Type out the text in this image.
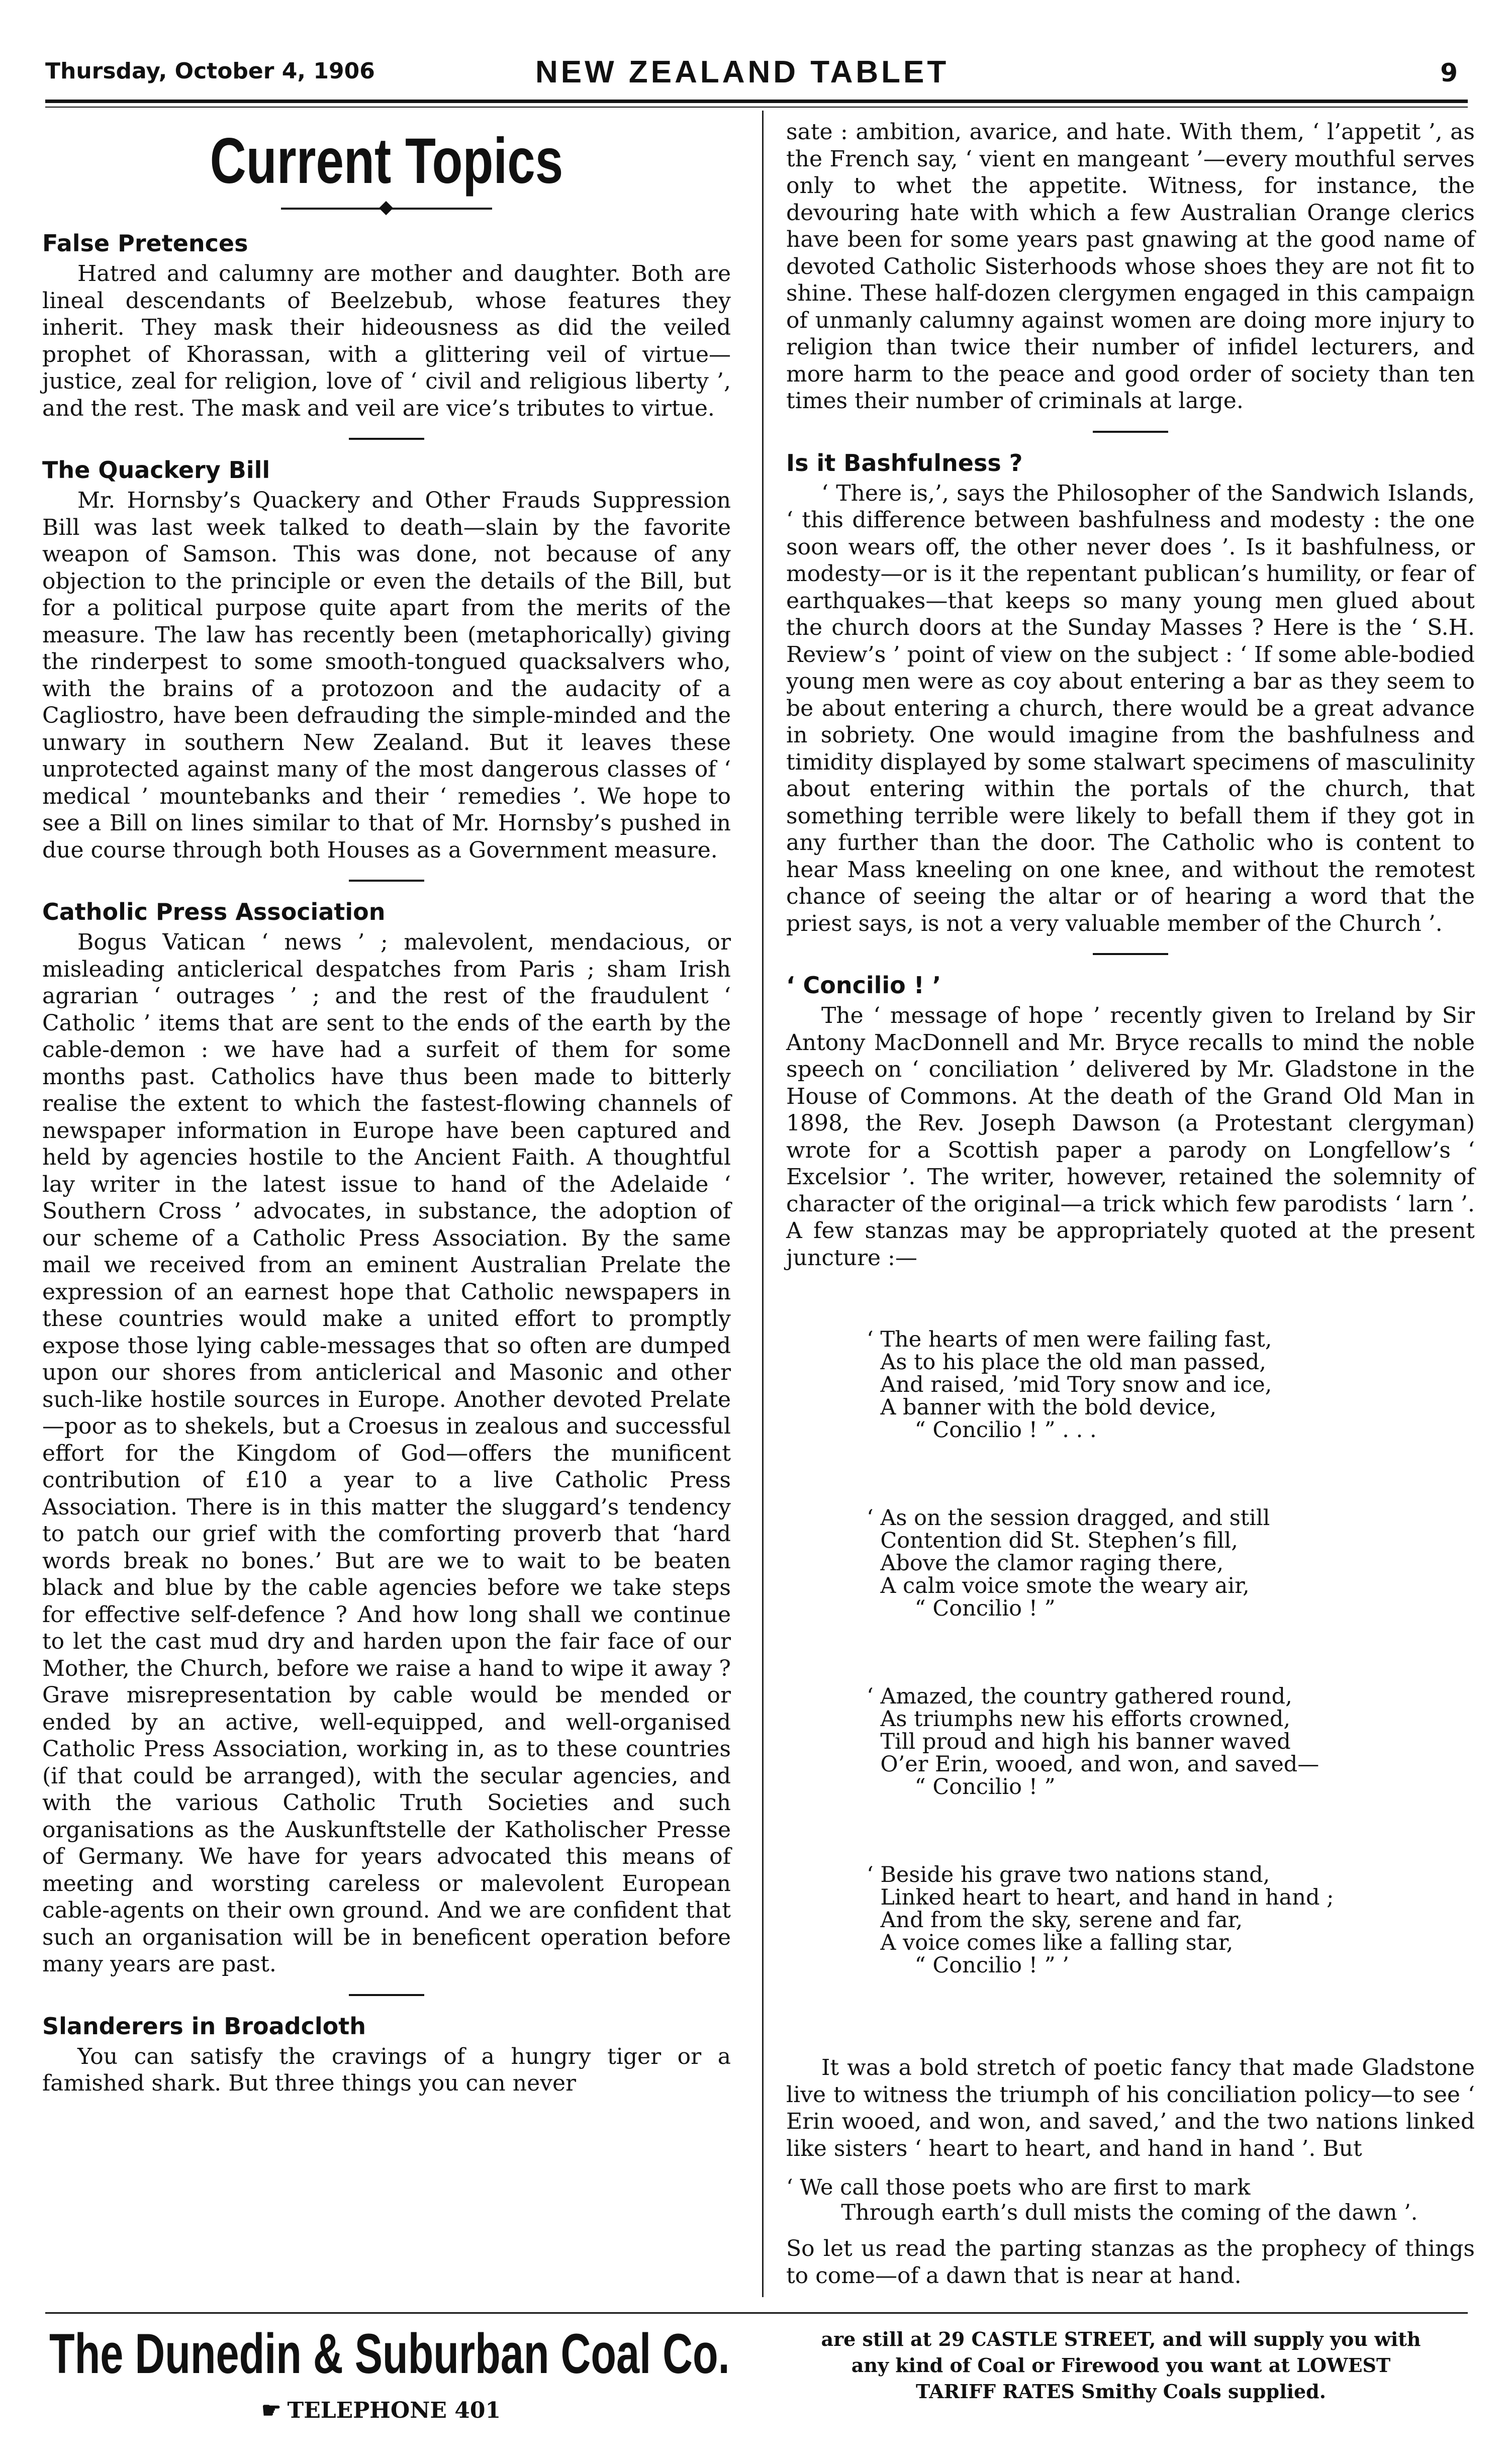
Thursday, October 4, 1906	NEW ZEALAND TABLET	9
Current Topics
False Pretences

Hatred and calumny are mother and daughter. Both are lineal descendants of Beelzebub, whose features they inherit. They mask their hideousness as did the veiled prophet of Khorassan, with a glittering veil of virtue—justice, zeal for religion, love of ‘ civil and religious liberty ’, and the rest. The mask and veil are vice’s tributes to virtue.

The Quackery Bill

Mr. Hornsby’s Quackery and Other Frauds Suppression Bill was last week talked to death—slain by the favorite weapon of Samson. This was done, not because of any objection to the principle or even the details of the Bill, but for a political purpose quite apart from the merits of the measure. The law has recently been (metaphorically) giving the rinderpest to some smooth-tongued quacksalvers who, with the brains of a protozoon and the audacity of a Cagliostro, have been defrauding the simple-minded and the unwary in southern New Zealand. But it leaves these unprotected against many of the most dangerous classes of ‘ medical ’ mountebanks and their ‘ remedies ’. We hope to see a Bill on lines similar to that of Mr. Hornsby’s pushed in due course through both Houses as a Government measure.

Catholic Press Association

Bogus Vatican ‘ news ’ ; malevolent, mendacious, or misleading anticlerical despatches from Paris ; sham Irish agrarian ‘ outrages ’ ; and the rest of the fraudulent ‘ Catholic ’ items that are sent to the ends of the earth by the cable-demon : we have had a surfeit of them for some months past. Catholics have thus been made to bitterly realise the extent to which the fastest-flowing channels of newspaper information in Europe have been captured and held by agencies hostile to the Ancient Faith. A thoughtful lay writer in the latest issue to hand of the Adelaide ‘ Southern Cross ’ advocates, in substance, the adoption of our scheme of a Catholic Press Association. By the same mail we received from an eminent Australian Prelate the expression of an earnest hope that Catholic newspapers in these countries would make a united effort to promptly expose those lying cable-messages that so often are dumped upon our shores from anticlerical and Masonic and other such-like hostile sources in Europe. Another devoted Prelate—poor as to shekels, but a Croesus in zealous and successful effort for the Kingdom of God—offers the munificent contribution of £10 a year to a live Catholic Press Association. There is in this matter the sluggard’s tendency to patch our grief with the comforting proverb that ‘hard words break no bones.’ But are we to wait to be beaten black and blue by the cable agencies before we take steps for effective self-defence ? And how long shall we continue to let the cast mud dry and harden upon the fair face of our Mother, the Church, before we raise a hand to wipe it away ? Grave misrepresentation by cable would be mended or ended by an active, well-equipped, and well-organised Catholic Press Association, working in, as to these countries (if that could be arranged), with the secular agencies, and with the various Catholic Truth Societies and such organisations as the Auskunftstelle der Katholischer Presse of Germany. We have for years advocated this means of meeting and worsting careless or malevolent European cable-agents on their own ground. And we are confident that such an organisation will be in beneficent operation before many years are past.

Slanderers in Broadcloth

You can satisfy the cravings of a hungry tiger or a famished shark. But three things you can never

sate : ambition, avarice, and hate. With them, ‘ l’appetit ’, as the French say, ‘ vient en mangeant ’—every mouthful serves only to whet the appetite. Witness, for instance, the devouring hate with which a few Australian Orange clerics have been for some years past gnawing at the good name of devoted Catholic Sisterhoods whose shoes they are not fit to shine. These half-dozen clergymen engaged in this campaign of unmanly calumny against women are doing more injury to religion than twice their number of infidel lecturers, and more harm to the peace and good order of society than ten times their number of criminals at large.

Is it Bashfulness ?

‘ There is,’, says the Philosopher of the Sandwich Islands, ‘ this difference between bashfulness and modesty : the one soon wears off, the other never does ’. Is it bashfulness, or modesty—or is it the repentant publican’s humility, or fear of earthquakes—that keeps so many young men glued about the church doors at the Sunday Masses ? Here is the ‘ S.H. Review’s ’ point of view on the subject : ‘ If some able-bodied young men were as coy about entering a bar as they seem to be about entering a church, there would be a great advance in sobriety. One would imagine from the bashfulness and timidity displayed by some stalwart specimens of masculinity about entering within the portals of the church, that something terrible were likely to befall them if they got in any further than the door. The Catholic who is content to hear Mass kneeling on one knee, and without the remotest chance of seeing the altar or of hearing a word that the priest says, is not a very valuable member of the Church ’.

‘ Concilio ! ’

The ‘ message of hope ’ recently given to Ireland by Sir Antony MacDonnell and Mr. Bryce recalls to mind the noble speech on ‘ conciliation ’ delivered by Mr. Gladstone in the House of Commons. At the death of the Grand Old Man in 1898, the Rev. Joseph Dawson (a Protestant clergyman) wrote for a Scottish paper a parody on Longfellow’s ‘ Excelsior ’. The writer, however, retained the solemnity of character of the original—a trick which few parodists ‘ larn ’. A few stanzas may be appropriately quoted at the present juncture :—

‘ The hearts of men were failing fast,
As to his place the old man passed,
And raised, ’mid Tory snow and ice,
A banner with the bold device,
“ Concilio ! ” . . .

‘ As on the session dragged, and still
Contention did St. Stephen’s fill,
Above the clamor raging there,
A calm voice smote the weary air,
“ Concilio ! ”

‘ Amazed, the country gathered round,
As triumphs new his efforts crowned,
Till proud and high his banner waved
O’er Erin, wooed, and won, and saved—
“ Concilio ! ”

‘ Beside his grave two nations stand,
Linked heart to heart, and hand in hand ;
And from the sky, serene and far,
A voice comes like a falling star,
“ Concilio ! ” ’

It was a bold stretch of poetic fancy that made Gladstone live to witness the triumph of his conciliation policy—to see ‘ Erin wooed, and won, and saved,’ and the two nations linked like sisters ‘ heart to heart, and hand in hand ’. But

‘ We call those poets who are first to mark
Through earth’s dull mists the coming of the dawn ’.

So let us read the parting stanzas as the prophecy of things to come—of a dawn that is near at hand.

The Dunedin & Suburban Coal Co.
☛ TELEPHONE 401
are still at 29 CASTLE STREET, and will supply you with
any kind of Coal or Firewood you want at LOWEST
TARIFF RATES Smithy Coals supplied.
